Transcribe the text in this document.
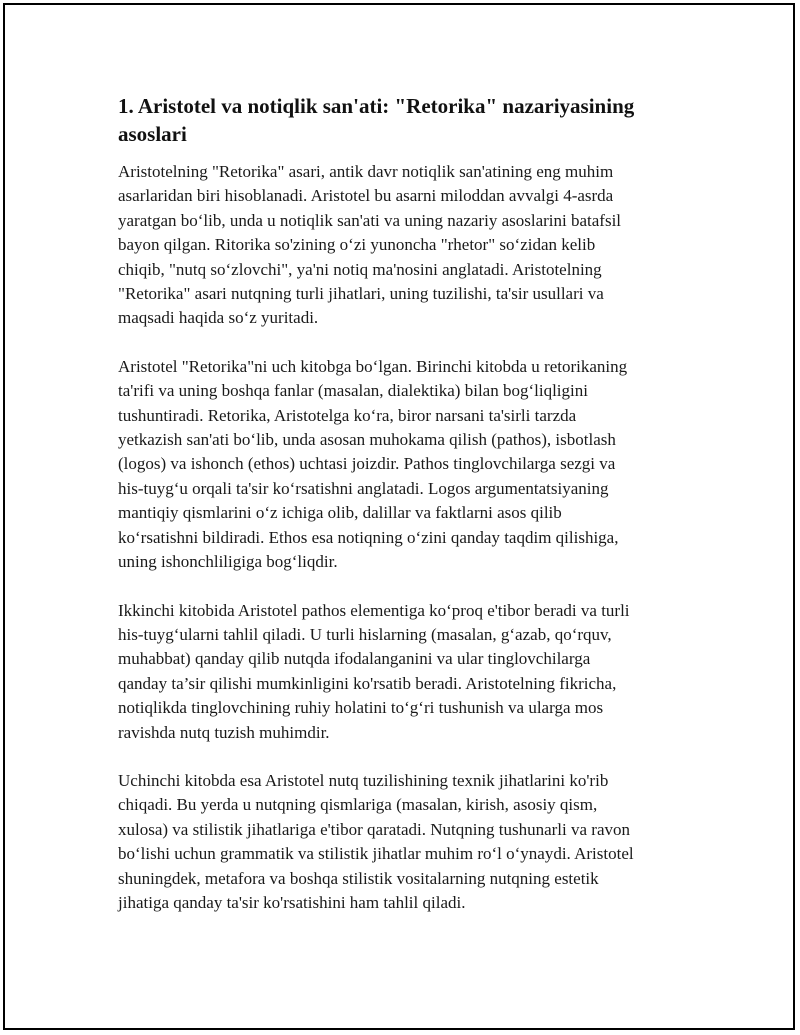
1. Aristotel va notiqlik san'ati: "Retorika" nazariyasining
asoslari

Aristotelning "Retorika" asari, antik davr notiqlik san'atining eng muhim
asarlaridan biri hisoblanadi. Aristotel bu asarni miloddan avvalgi 4-asrda
yaratgan bo‘lib, unda u notiqlik san'ati va uning nazariy asoslarini batafsil
bayon qilgan. Ritorika so'zining o‘zi yunoncha "rhetor" so‘zidan kelib
chiqib, "nutq so‘zlovchi", ya'ni notiq ma'nosini anglatadi. Aristotelning
"Retorika" asari nutqning turli jihatlari, uning tuzilishi, ta'sir usullari va
maqsadi haqida so‘z yuritadi.

Aristotel "Retorika"ni uch kitobga bo‘lgan. Birinchi kitobda u retorikaning
ta'rifi va uning boshqa fanlar (masalan, dialektika) bilan bog‘liqligini
tushuntiradi. Retorika, Aristotelga ko‘ra, biror narsani ta'sirli tarzda
yetkazish san'ati bo‘lib, unda asosan muhokama qilish (pathos), isbotlash
(logos) va ishonch (ethos) uchtasi joizdir. Pathos tinglovchilarga sezgi va
his-tuyg‘u orqali ta'sir ko‘rsatishni anglatadi. Logos argumentatsiyaning
mantiqiy qismlarini o‘z ichiga olib, dalillar va faktlarni asos qilib
ko‘rsatishni bildiradi. Ethos esa notiqning o‘zini qanday taqdim qilishiga,
uning ishonchliligiga bog‘liqdir.

Ikkinchi kitobida Aristotel pathos elementiga ko‘proq e'tibor beradi va turli
his-tuyg‘ularni tahlil qiladi. U turli hislarning (masalan, g‘azab, qo‘rquv,
muhabbat) qanday qilib nutqda ifodalanganini va ular tinglovchilarga
qanday ta’sir qilishi mumkinligini ko'rsatib beradi. Aristotelning fikricha,
notiqlikda tinglovchining ruhiy holatini to‘g‘ri tushunish va ularga mos
ravishda nutq tuzish muhimdir.

Uchinchi kitobda esa Aristotel nutq tuzilishining texnik jihatlarini ko'rib
chiqadi. Bu yerda u nutqning qismlariga (masalan, kirish, asosiy qism,
xulosa) va stilistik jihatlariga e'tibor qaratadi. Nutqning tushunarli va ravon
bo‘lishi uchun grammatik va stilistik jihatlar muhim ro‘l o‘ynaydi. Aristotel
shuningdek, metafora va boshqa stilistik vositalarning nutqning estetik
jihatiga qanday ta'sir ko'rsatishini ham tahlil qiladi.
